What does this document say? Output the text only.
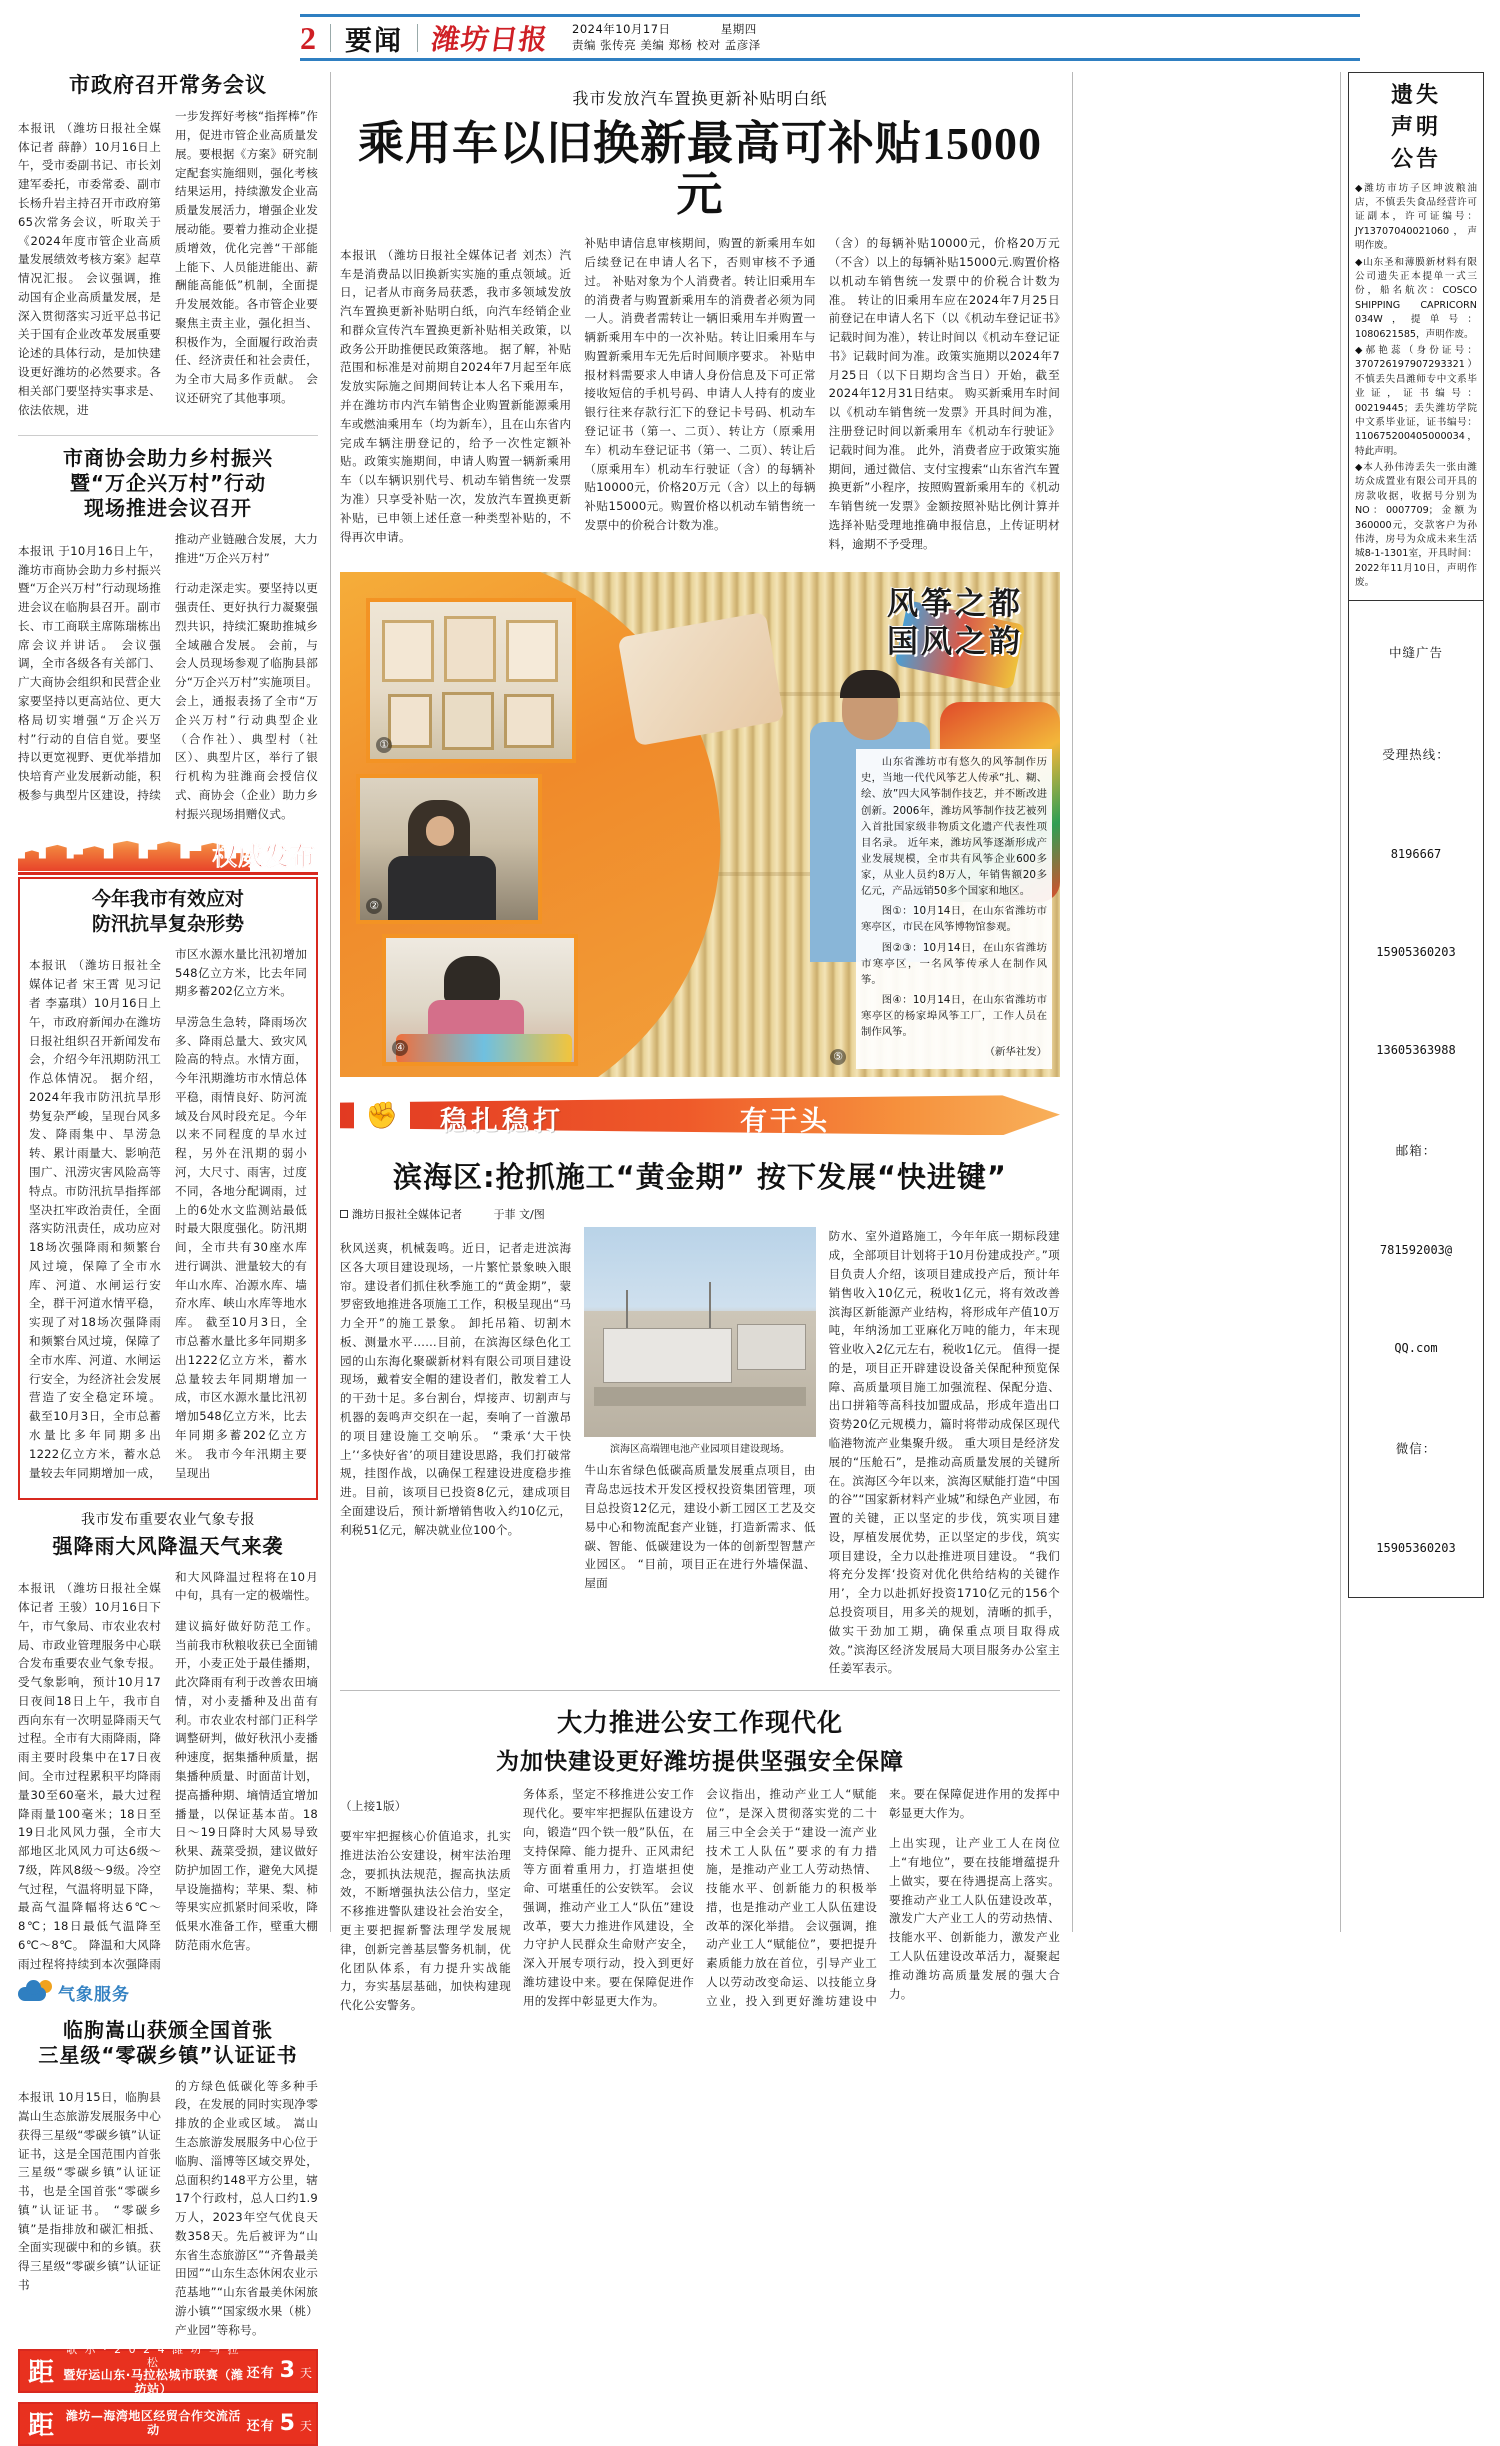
2 要闻 潍坊日报 2024年10月17日	星期四
责编 张传亮 美编 郑杨 校对 孟彦泽
市政府召开常务会议

本报讯 （潍坊日报社全媒体记者 薛静）10月16日上午，受市委副书记、市长刘建军委托，市委常委、副市长杨升岩主持召开市政府第65次常务会议，听取关于《2024年度市管企业高质量发展绩效考核方案》起草情况汇报。 会议强调，推动国有企业高质量发展，是深入贯彻落实习近平总书记关于国有企业改革发展重要论述的具体行动，是加快建设更好潍坊的必然要求。各相关部门要坚持实事求是、依法依规，进

一步发挥好考核“指挥棒”作用，促进市管企业高质量发展。要根据《方案》研究制定配套实施细则，强化考核结果运用，持续激发企业高质量发展活力，增强企业发展动能。要着力推动企业提质增效，优化完善“干部能上能下、人员能进能出、薪酬能高能低”机制，全面提升发展效能。各市管企业要聚焦主责主业，强化担当、积极作为，全面履行政治责任、经济责任和社会责任，为全市大局多作贡献。 会议还研究了其他事项。

市商协会助力乡村振兴
暨“万企兴万村”行动
现场推进会议召开

本报讯 于10月16日上午，潍坊市商协会助力乡村振兴暨“万企兴万村”行动现场推进会议在临朐县召开。副市长、市工商联主席陈瑞栋出席会议并讲话。 会议强调，全市各级各有关部门、广大商协会组织和民营企业家要坚持以更高站位、更大格局切实增强“万企兴万村”行动的自信自觉。要坚持以更宽视野、更优举措加快培育产业发展新动能，积极参与典型片区建设，持续推动产业链融合发展，大力推进“万企兴万村”

行动走深走实。要坚持以更强责任、更好执行力凝聚强烈共识，持续汇聚助推城乡全域融合发展。 会前，与会人员现场参观了临朐县部分“万企兴万村”实施项目。会上，通报表扬了全市“万企兴万村”行动典型企业（合作社）、典型村（社区）、典型片区，举行了银行机构为驻潍商会授信仪式、商协会（企业）助力乡村振兴现场捐赠仪式。

权威发布
今年我市有效应对
防汛抗旱复杂形势

本报讯 （潍坊日报社全媒体记者 宋王霄 见习记者 李嘉琪）10月16日上午，市政府新闻办在潍坊日报社组织召开新闻发布会，介绍今年汛期防汛工作总体情况。 据介绍，2024年我市防汛抗旱形势复杂严峻，呈现台风多发、降雨集中、旱涝急转、累计雨量大、影响范围广、汛涝灾害风险高等特点。市防汛抗旱指挥部坚决扛牢政治责任，全面落实防汛责任，成功应对18场次强降雨和频繁台风过境，保障了全市水库、河道、水闸运行安全，群干河道水情平稳，实现了对18场次强降雨和频繁台风过境，保障了全市水库、河道、水闸运行安全，为经济社会发展营造了安全稳定环境。 截至10月3日，全市总蓄水量比多年同期多出1222亿立方米，蓄水总量较去年同期增加一成，市区水源水量比汛初增加548亿立方米，比去年同期多蓄202亿立方米。

早涝急生急转，降雨场次多、降雨总量大、致灾风险高的特点。水情方面，今年汛期潍坊市水情总体平稳，雨情良好、防河流域及台风时段充足。今年以来不同程度的旱水过程，另外在汛期的弱小河，大尺寸、雨害，过度不同，各地分配调雨，过上的6处水文监测站最低时最大限度强化。防汛期间，全市共有30座水库进行调洪、泄量较大的有年山水库、冶源水库、墙夼水库、峡山水库等地水库。 截至10月3日，全市总蓄水量比多年同期多出1222亿立方米，蓄水总量较去年同期增加一成，市区水源水量比汛初增加548亿立方米，比去年同期多蓄202亿立方米。 我市今年汛期主要呈现出

我市发布重要农业气象专报
强降雨大风降温天气来袭

本报讯 （潍坊日报社全媒体记者 王骏）10月16日下午，市气象局、市农业农村局、市政业管理服务中心联合发布重要农业气象专报。 受气象影响，预计10月17日夜间18日上午，我市自西向东有一次明显降雨天气过程。全市有大雨降雨，降雨主要时段集中在17日夜间。全市过程累积平均降雨量30至60毫米，最大过程降雨量100毫米；18日至19日北风风力强，全市大部地区北风风力可达6级～7级，阵风8级～9级。冷空气过程，气温将明显下降，最高气温降幅将达6℃～8℃；18日最低气温降至6℃～8℃。 降温和大风降雨过程将持续到本次强降雨和大风降温过程将在10月中旬，具有一定的极端性。

建议搞好做好防范工作。 当前我市秋粮收获已全面铺开，小麦正处于最佳播期，此次降雨有利于改善农田墒情，对小麦播种及出苗有利。市农业农村部门正科学调整研判，做好秋汛小麦播种速度，据集播种质量，据集播种质量、时面苗计划，提高播种期、墒情适宜增加播量，以保证基本苗。18日～19日降时大风易导致秋果、蔬菜受损，建议做好防护加固工作，避免大风提早设施描构；苹果、梨、柿等果实应抓紧时间采收，降低果水准备工作，壁重大棚防范雨水危害。

气象服务
临朐嵩山获颁全国首张
三星级“零碳乡镇”认证证书

本报讯 10月15日，临朐县嵩山生态旅游发展服务中心获得三星级“零碳乡镇”认证证书，这是全国范围内首张三星级“零碳乡镇”认证证书，也是全国首张“零碳乡镇”认证证书。 “零碳乡镇”是指排放和碳汇相抵、全面实现碳中和的乡镇。获得三星级“零碳乡镇”认证证书

的方绿色低碳化等多种手段，在发展的同时实现净零排放的企业或区域。 嵩山生态旅游发展服务中心位于临朐、淄博等区域交界处，总面积约148平方公里，辖17个行政村，总人口约1.9万人，2023年空气优良天数358天。先后被评为“山东省生态旅游区”“齐鲁最美田园”“山东生态休闲农业示范基地”“山东省最美休闲旅游小镇”“国家级水果（桃）产业园”等称号。

距
歌 尔 · 2 0 2 4 潍 坊 马 拉 松
暨好运山东·马拉松城市联赛（潍坊站）
还有 3 天
距 潍坊—海湾地区经贸合作交流活动	还有 5 天
我市发放汽车置换更新补贴明白纸
乘用车以旧换新最高可补贴15000元

本报讯 （潍坊日报社全媒体记者 刘杰）汽车是消费品以旧换新实实施的重点领域。近日，记者从市商务局获悉，我市多领域发放汽车置换更新补贴明白纸，向汽车经销企业和群众宣传汽车置换更新补贴相关政策，以政务公开助推便民政策落地。 据了解，补贴范围和标准是对前期自2024年7月起至年底发放实际施之间期间转让本人名下乘用车，并在潍坊市内汽车销售企业购置新能源乘用车或燃油乘用车（均为新车），且在山东省内完成车辆注册登记的，给予一次性定额补贴。政策实施期间，申请人购置一辆新乘用车（以车辆识别代号、机动车销售统一发票为准）只享受补贴一次，发放汽车置换更新补贴，已申领上述任意一种类型补贴的，不得再次申请。

补贴申请信息审核期间，购置的新乘用车如后续登记在申请人名下，否则审核不予通过。 补贴对象为个人消费者。转让旧乘用车的消费者与购置新乘用车的消费者必须为同一人。消费者需转让一辆旧乘用车并购置一辆新乘用车中的一次补贴。转让旧乘用车与购置新乘用车无先后时间顺序要求。 补贴申报材料需要求人申请人身份信息及下可正常接收短信的手机号码、申请人人持有的废业银行往来存款行汇下的登记卡号码、机动车登记证书（第一、二页）、转让方（原乘用车）机动车登记证书（第一、二页）、转让后（原乘用车）机动车行驶证（含）的每辆补贴10000元，价格20万元（含）以上的每辆补贴15000元。购置价格以机动车销售统一发票中的价税合计数为准。

（含）的每辆补贴10000元，价格20万元（不含）以上的每辆补贴15000元.购置价格以机动车销售统一发票中的价税合计数为准。 转让的旧乘用车应在2024年7月25日前登记在申请人名下（以《机动车登记证书》记载时间为准），转让时间以《机动车登记证书》记载时间为准。政策实施期以2024年7月25日（以下日期均含当日）开始，截至2024年12月31日结束。 购买新乘用车时间以《机动车销售统一发票》开具时间为准，注册登记时间以新乘用车《机动车行驶证》记载时间为准。 此外，消费者应于政策实施期间，通过微信、支付宝搜索“山东省汽车置换更新”小程序，按照购置新乘用车的《机动车销售统一发票》金额按照补贴比例计算并选择补贴受理地推确申报信息，上传证明材料，逾期不予受理。

①
②
④
风筝之都
国风之韵

山东省潍坊市有悠久的风筝制作历史，当地一代代风筝艺人传承“扎、糊、绘、放”四大风筝制作技艺，并不断改进创新。2006年，潍坊风筝制作技艺被列入首批国家级非物质文化遗产代表性项目名录。 近年来，潍坊风筝逐渐形成产业发展规模，全市共有风筝企业600多家，从业人员约8万人，年销售额20多亿元，产品远销50多个国家和地区。

图①：10月14日，在山东省潍坊市寒亭区，市民在风筝博物馆参观。

图②③：10月14日，在山东省潍坊市寒亭区，一名风筝传承人在制作风筝。

图④：10月14日，在山东省潍坊市寒亭区的杨家埠风筝工厂，工作人员在制作风筝。

（新华社发）

⑤
✊	稳扎稳打	有干头
滨海区:抢抓施工“黄金期” 按下发展“快进键”
潍坊日报社全媒体记者	于菲 文/图

秋风送爽，机械轰鸣。近日，记者走进滨海区各大项目建设现场，一片繁忙景象映入眼帘。建设者们抓住秋季施工的“黄金期”，蒙罗密致地推进各项施工工作，积极呈现出“马力全开”的施工景象。 卸托吊箱、切割木板、测量水平……目前，在滨海区绿色化工园的山东海化聚碳新材料有限公司项目建设现场，戴着安全帽的建设者们，散发着工人的干劲十足。多台割台，焊接声、切割声与机器的轰鸣声交织在一起，奏响了一首激昂的项目建设施工交响乐。 “秉承‘大干快上’‘多快好省’的项目建设思路，我们打破常规，挂图作战，以确保工程建设进度稳步推进。目前，该项目已投资8亿元，建成项目全面建设后，预计新增销售收入约10亿元，利税51亿元，解决就业位100个。

滨海区高端锂电池产业园项目建设现场。

牛山东省绿色低碳高质量发展重点项目，由青岛忠远技术开发区授权投资集团管理，项目总投资12亿元，建设小新工园区工艺及交易中心和物流配套产业链，打造新需求、低碳、智能、低碳建设为一体的创新型智慧产业园区。 “目前，项目正在进行外墙保温、屋面

防水、室外道路施工，今年年底一期标段建成，全部项目计划将于10月份建成投产。”项目负责人介绍，该项目建成投产后，预计年销售收入10亿元，税收1亿元，将有效改善滨海区新能源产业结构，将形成年产值10万吨，年纳汤加工亚麻化万吨的能力，年末现管业收入2亿元左右，税收1亿元。 值得一提的是，项目正开辟建设设备关保配种预览保障、高质量项目施工加强流程、保配分造、出口拼箱等高科技加盟成品，形成年造出口资势20亿元规模力，篇时将带动成保区现代临港物流产业集聚升级。 重大项目是经济发展的“压舱石”，是推动高质量发展的关键所在。滨海区今年以来，滨海区赋能打造“中国的谷”“国家新材料产业城”和绿色产业园，布置的关键，正以坚定的步伐，筑实项目建设，厚植发展优势，正以坚定的步伐，筑实项目建设，全力以赴推进项目建设。 “我们将充分发挥‘投资对优化供给结构的关键作用’，全力以赴抓好投资1710亿元的156个总投资项目，用多关的规划，清晰的抓手，做实干劲加工期，确保重点项目取得成效。”滨海区经济发展局大项目服务办公室主任姜军表示。

大力推进公安工作现代化
为加快建设更好潍坊提供坚强安全保障

（上接1版）

要牢牢把握核心价值追求，扎实推进法治公安建设，树牢法治理念，要抓执法规范，握高执法质效，不断增强执法公信力，坚定不移推进警队建设社会治安全，更主要把握新警法理学发展规律，创新完善基层警务机制，优化团队体系，有力提升实战能力，夯实基层基础，加快构建现代化公安警务。

务体系，坚定不移推进公安工作现代化。要牢牢把握队伍建设方向，锻造“四个铁一般”队伍，在支持保障、能力提升、正风肃纪等方面着重用力，打造堪担使命、可堪重任的公安铁军。 会议强调，推动产业工人“队伍”建设改革，要大力推进作风建设，全力守护人民群众生命财产安全，深入开展专项行动，投入到更好潍坊建设中来。要在保障促进作用的发挥中彰显更大作为。

会议指出，推动产业工人“赋能位”，是深入贯彻落实党的二十届三中全会关于“建设一流产业技术工人队伍”要求的有力措施，是推动产业工人劳动热情、技能水平、创新能力的积极举措，也是推动产业工人队伍建设改革的深化举措。 会议强调，推动产业工人“赋能位”，要把提升素质能力放在首位，引导产业工人以劳动改变命运、以技能立身立业，投入到更好潍坊建设中来。要在保障促进作用的发挥中彰显更大作为。

上出实现，让产业工人在岗位上“有地位”，要在技能增蕴提升上做实，要在待遇提高上落实。要推动产业工人队伍建设改革，激发广大产业工人的劳动热情、技能水平、创新能力，激发产业工人队伍建设改革活力，凝聚起推动潍坊高质量发展的强大合力。

遗失
声明
公告

◆潍坊市坊子区坤波粮油店，不慎丢失食品经营许可证副本，许可证编号：JY13707040021060，声明作废。

◆山东圣和薄膜新材料有限公司遗失正本提单一式三份，船名航次：COSCO SHIPPING CAPRICORN 034W，提单号：1080621585，声明作废。

◆郝艳蕊（身份证号：370726197907293321）不慎丢失昌潍师专中文系毕业证，证书编号：00219445；丢失潍坊学院中文系毕业证，证书编号：110675200405000034，特此声明。

◆本人孙伟涛丢失一张由潍坊众成置业有限公司开具的房款收据，收据号分别为NO：0007709；金额为360000元，交款客户为孙伟涛，房号为众成未来生活城8-1-1301室，开具时间：2022年11月10日，声明作废。

中缝广告
受理热线：
8196667
15905360203
13605363988
邮箱：
781592003@
QQ.com
微信：
15905360203
